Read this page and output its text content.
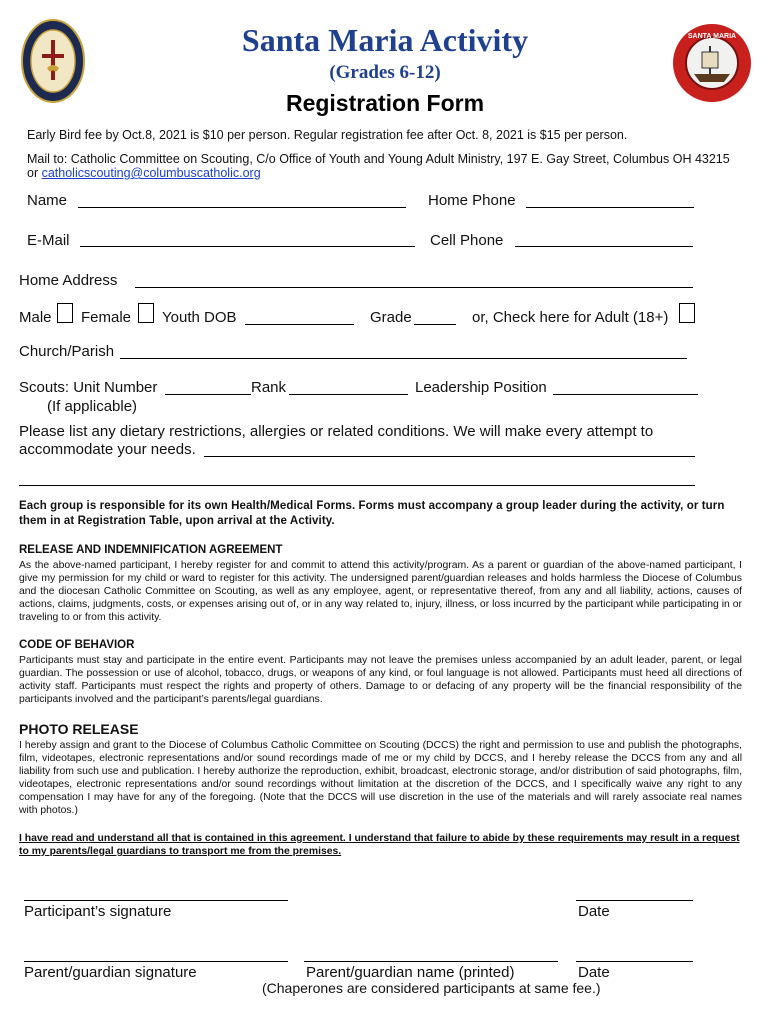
SANTA MARIA
Santa Maria Activity
(Grades 6-12)
Registration Form
Early Bird fee by Oct.8, 2021 is $10 per person. Regular registration fee after Oct. 8, 2021 is $15 per person.
Mail to: Catholic Committee on Scouting, C/o Office of Youth and Young Adult Ministry, 197 E. Gay Street, Columbus OH 43215
or catholicscouting@columbuscatholic.org
Name	Home Phone
E-Mail	Cell Phone
Home Address
Male Female Youth DOB	Grade	or, Check here for Adult (18+)
Church/Parish
Scouts: Unit Number	Rank	Leadership Position
(If applicable)
Please list any dietary restrictions, allergies or related conditions. We will make every attempt to
accommodate your needs.
Each group is responsible for its own Health/Medical Forms. Forms must accompany a group leader during the activity, or turn them in at Registration Table, upon arrival at the Activity.
RELEASE AND INDEMNIFICATION AGREEMENT
As the above-named participant, I hereby register for and commit to attend this activity/program. As a parent or guardian of the above-named participant, I give my permission for my child or ward to register for this activity. The undersigned parent/guardian releases and holds harmless the Diocese of Columbus and the diocesan Catholic Committee on Scouting, as well as any employee, agent, or representative thereof, from any and all liability, actions, causes of actions, claims, judgments, costs, or expenses arising out of, or in any way related to, injury, illness, or loss incurred by the participant while participating in or traveling to or from this activity.
CODE OF BEHAVIOR
Participants must stay and participate in the entire event. Participants may not leave the premises unless accompanied by an adult leader, parent, or legal guardian. The possession or use of alcohol, tobacco, drugs, or weapons of any kind, or foul language is not allowed. Participants must heed all directions of activity staff. Participants must respect the rights and property of others. Damage to or defacing of any property will be the financial responsibility of the participants involved and the participant’s parents/legal guardians.
PHOTO RELEASE
I hereby assign and grant to the Diocese of Columbus Catholic Committee on Scouting (DCCS) the right and permission to use and publish the photographs, film, videotapes, electronic representations and/or sound recordings made of me or my child by DCCS, and I hereby release the DCCS from any and all liability from such use and publication. I hereby authorize the reproduction, exhibit, broadcast, electronic storage, and/or distribution of said photographs, film, videotapes, electronic representations and/or sound recordings without limitation at the discretion of the DCCS, and I specifically waive any right to any compensation I may have for any of the foregoing. (Note that the DCCS will use discretion in the use of the materials and will rarely associate real names with photos.)
I have read and understand all that is contained in this agreement. I understand that failure to abide by these requirements may result in a request to my parents/legal guardians to transport me from the premises.
Participant’s signature	Date
Parent/guardian signature	Parent/guardian name (printed)	Date
(Chaperones are considered participants at same fee.)
